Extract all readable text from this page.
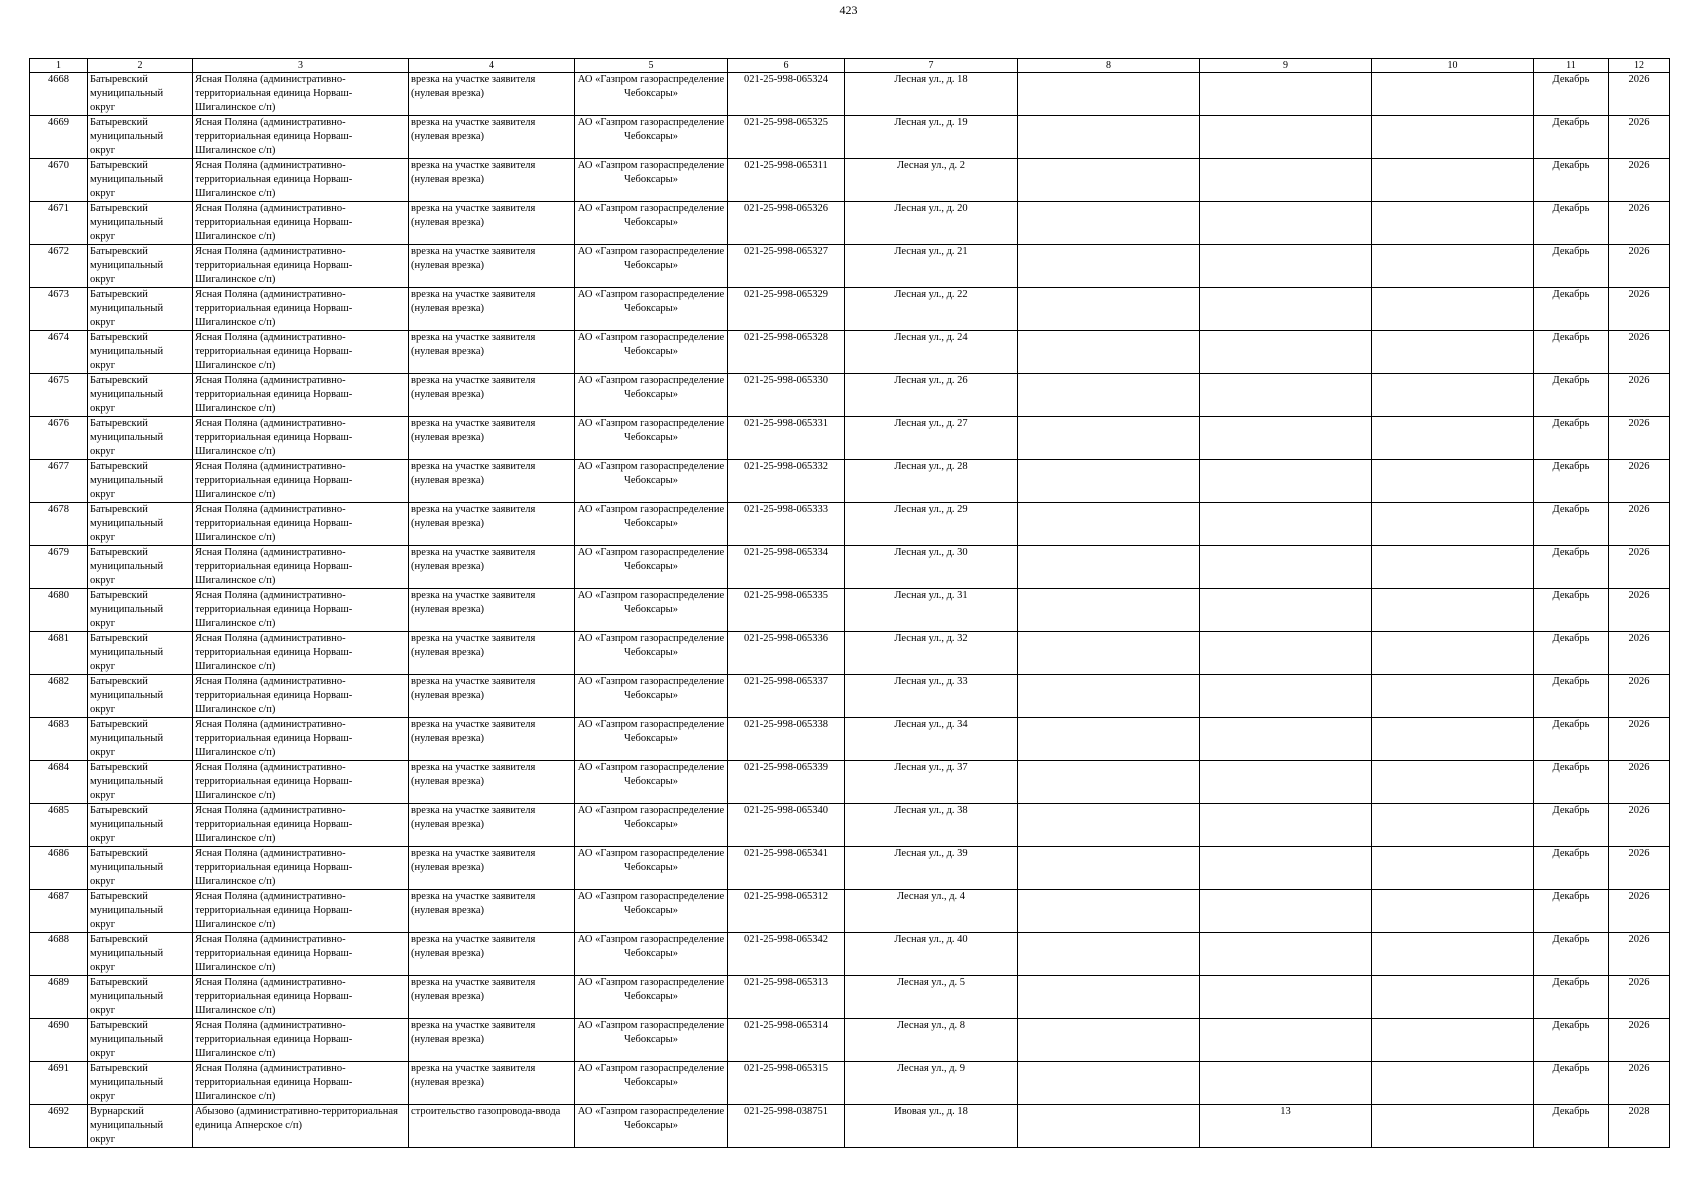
423
1	2	3	4	5	6	7	8	9	10	11	12
4668	Батыревский муниципальный округ	Ясная Поляна (административно-территориальная единица Норваш-Шигалинское с/п)	врезка на участке заявителя (нулевая врезка)	АО «Газпром газораспределение Чебоксары»	021-25-998-065324	Лесная ул., д. 18				Декабрь	2026
4669	Батыревский муниципальный округ	Ясная Поляна (административно-территориальная единица Норваш-Шигалинское с/п)	врезка на участке заявителя (нулевая врезка)	АО «Газпром газораспределение Чебоксары»	021-25-998-065325	Лесная ул., д. 19				Декабрь	2026
4670	Батыревский муниципальный округ	Ясная Поляна (административно-территориальная единица Норваш-Шигалинское с/п)	врезка на участке заявителя (нулевая врезка)	АО «Газпром газораспределение Чебоксары»	021-25-998-065311	Лесная ул., д. 2				Декабрь	2026
4671	Батыревский муниципальный округ	Ясная Поляна (административно-территориальная единица Норваш-Шигалинское с/п)	врезка на участке заявителя (нулевая врезка)	АО «Газпром газораспределение Чебоксары»	021-25-998-065326	Лесная ул., д. 20				Декабрь	2026
4672	Батыревский муниципальный округ	Ясная Поляна (административно-территориальная единица Норваш-Шигалинское с/п)	врезка на участке заявителя (нулевая врезка)	АО «Газпром газораспределение Чебоксары»	021-25-998-065327	Лесная ул., д. 21				Декабрь	2026
4673	Батыревский муниципальный округ	Ясная Поляна (административно-территориальная единица Норваш-Шигалинское с/п)	врезка на участке заявителя (нулевая врезка)	АО «Газпром газораспределение Чебоксары»	021-25-998-065329	Лесная ул., д. 22				Декабрь	2026
4674	Батыревский муниципальный округ	Ясная Поляна (административно-территориальная единица Норваш-Шигалинское с/п)	врезка на участке заявителя (нулевая врезка)	АО «Газпром газораспределение Чебоксары»	021-25-998-065328	Лесная ул., д. 24				Декабрь	2026
4675	Батыревский муниципальный округ	Ясная Поляна (административно-территориальная единица Норваш-Шигалинское с/п)	врезка на участке заявителя (нулевая врезка)	АО «Газпром газораспределение Чебоксары»	021-25-998-065330	Лесная ул., д. 26				Декабрь	2026
4676	Батыревский муниципальный округ	Ясная Поляна (административно-территориальная единица Норваш-Шигалинское с/п)	врезка на участке заявителя (нулевая врезка)	АО «Газпром газораспределение Чебоксары»	021-25-998-065331	Лесная ул., д. 27				Декабрь	2026
4677	Батыревский муниципальный округ	Ясная Поляна (административно-территориальная единица Норваш-Шигалинское с/п)	врезка на участке заявителя (нулевая врезка)	АО «Газпром газораспределение Чебоксары»	021-25-998-065332	Лесная ул., д. 28				Декабрь	2026
4678	Батыревский муниципальный округ	Ясная Поляна (административно-территориальная единица Норваш-Шигалинское с/п)	врезка на участке заявителя (нулевая врезка)	АО «Газпром газораспределение Чебоксары»	021-25-998-065333	Лесная ул., д. 29				Декабрь	2026
4679	Батыревский муниципальный округ	Ясная Поляна (административно-территориальная единица Норваш-Шигалинское с/п)	врезка на участке заявителя (нулевая врезка)	АО «Газпром газораспределение Чебоксары»	021-25-998-065334	Лесная ул., д. 30				Декабрь	2026
4680	Батыревский муниципальный округ	Ясная Поляна (административно-территориальная единица Норваш-Шигалинское с/п)	врезка на участке заявителя (нулевая врезка)	АО «Газпром газораспределение Чебоксары»	021-25-998-065335	Лесная ул., д. 31				Декабрь	2026
4681	Батыревский муниципальный округ	Ясная Поляна (административно-территориальная единица Норваш-Шигалинское с/п)	врезка на участке заявителя (нулевая врезка)	АО «Газпром газораспределение Чебоксары»	021-25-998-065336	Лесная ул., д. 32				Декабрь	2026
4682	Батыревский муниципальный округ	Ясная Поляна (административно-территориальная единица Норваш-Шигалинское с/п)	врезка на участке заявителя (нулевая врезка)	АО «Газпром газораспределение Чебоксары»	021-25-998-065337	Лесная ул., д. 33				Декабрь	2026
4683	Батыревский муниципальный округ	Ясная Поляна (административно-территориальная единица Норваш-Шигалинское с/п)	врезка на участке заявителя (нулевая врезка)	АО «Газпром газораспределение Чебоксары»	021-25-998-065338	Лесная ул., д. 34				Декабрь	2026
4684	Батыревский муниципальный округ	Ясная Поляна (административно-территориальная единица Норваш-Шигалинское с/п)	врезка на участке заявителя (нулевая врезка)	АО «Газпром газораспределение Чебоксары»	021-25-998-065339	Лесная ул., д. 37				Декабрь	2026
4685	Батыревский муниципальный округ	Ясная Поляна (административно-территориальная единица Норваш-Шигалинское с/п)	врезка на участке заявителя (нулевая врезка)	АО «Газпром газораспределение Чебоксары»	021-25-998-065340	Лесная ул., д. 38				Декабрь	2026
4686	Батыревский муниципальный округ	Ясная Поляна (административно-территориальная единица Норваш-Шигалинское с/п)	врезка на участке заявителя (нулевая врезка)	АО «Газпром газораспределение Чебоксары»	021-25-998-065341	Лесная ул., д. 39				Декабрь	2026
4687	Батыревский муниципальный округ	Ясная Поляна (административно-территориальная единица Норваш-Шигалинское с/п)	врезка на участке заявителя (нулевая врезка)	АО «Газпром газораспределение Чебоксары»	021-25-998-065312	Лесная ул., д. 4				Декабрь	2026
4688	Батыревский муниципальный округ	Ясная Поляна (административно-территориальная единица Норваш-Шигалинское с/п)	врезка на участке заявителя (нулевая врезка)	АО «Газпром газораспределение Чебоксары»	021-25-998-065342	Лесная ул., д. 40				Декабрь	2026
4689	Батыревский муниципальный округ	Ясная Поляна (административно-территориальная единица Норваш-Шигалинское с/п)	врезка на участке заявителя (нулевая врезка)	АО «Газпром газораспределение Чебоксары»	021-25-998-065313	Лесная ул., д. 5				Декабрь	2026
4690	Батыревский муниципальный округ	Ясная Поляна (административно-территориальная единица Норваш-Шигалинское с/п)	врезка на участке заявителя (нулевая врезка)	АО «Газпром газораспределение Чебоксары»	021-25-998-065314	Лесная ул., д. 8				Декабрь	2026
4691	Батыревский муниципальный округ	Ясная Поляна (административно-территориальная единица Норваш-Шигалинское с/п)	врезка на участке заявителя (нулевая врезка)	АО «Газпром газораспределение Чебоксары»	021-25-998-065315	Лесная ул., д. 9				Декабрь	2026
4692	Вурнарский муниципальный округ	Абызово (административно-территориальная единица Апнерское с/п)	строительство газопровода-ввода	АО «Газпром газораспределение Чебоксары»	021-25-998-038751	Ивовая ул., д. 18		13		Декабрь	2028
